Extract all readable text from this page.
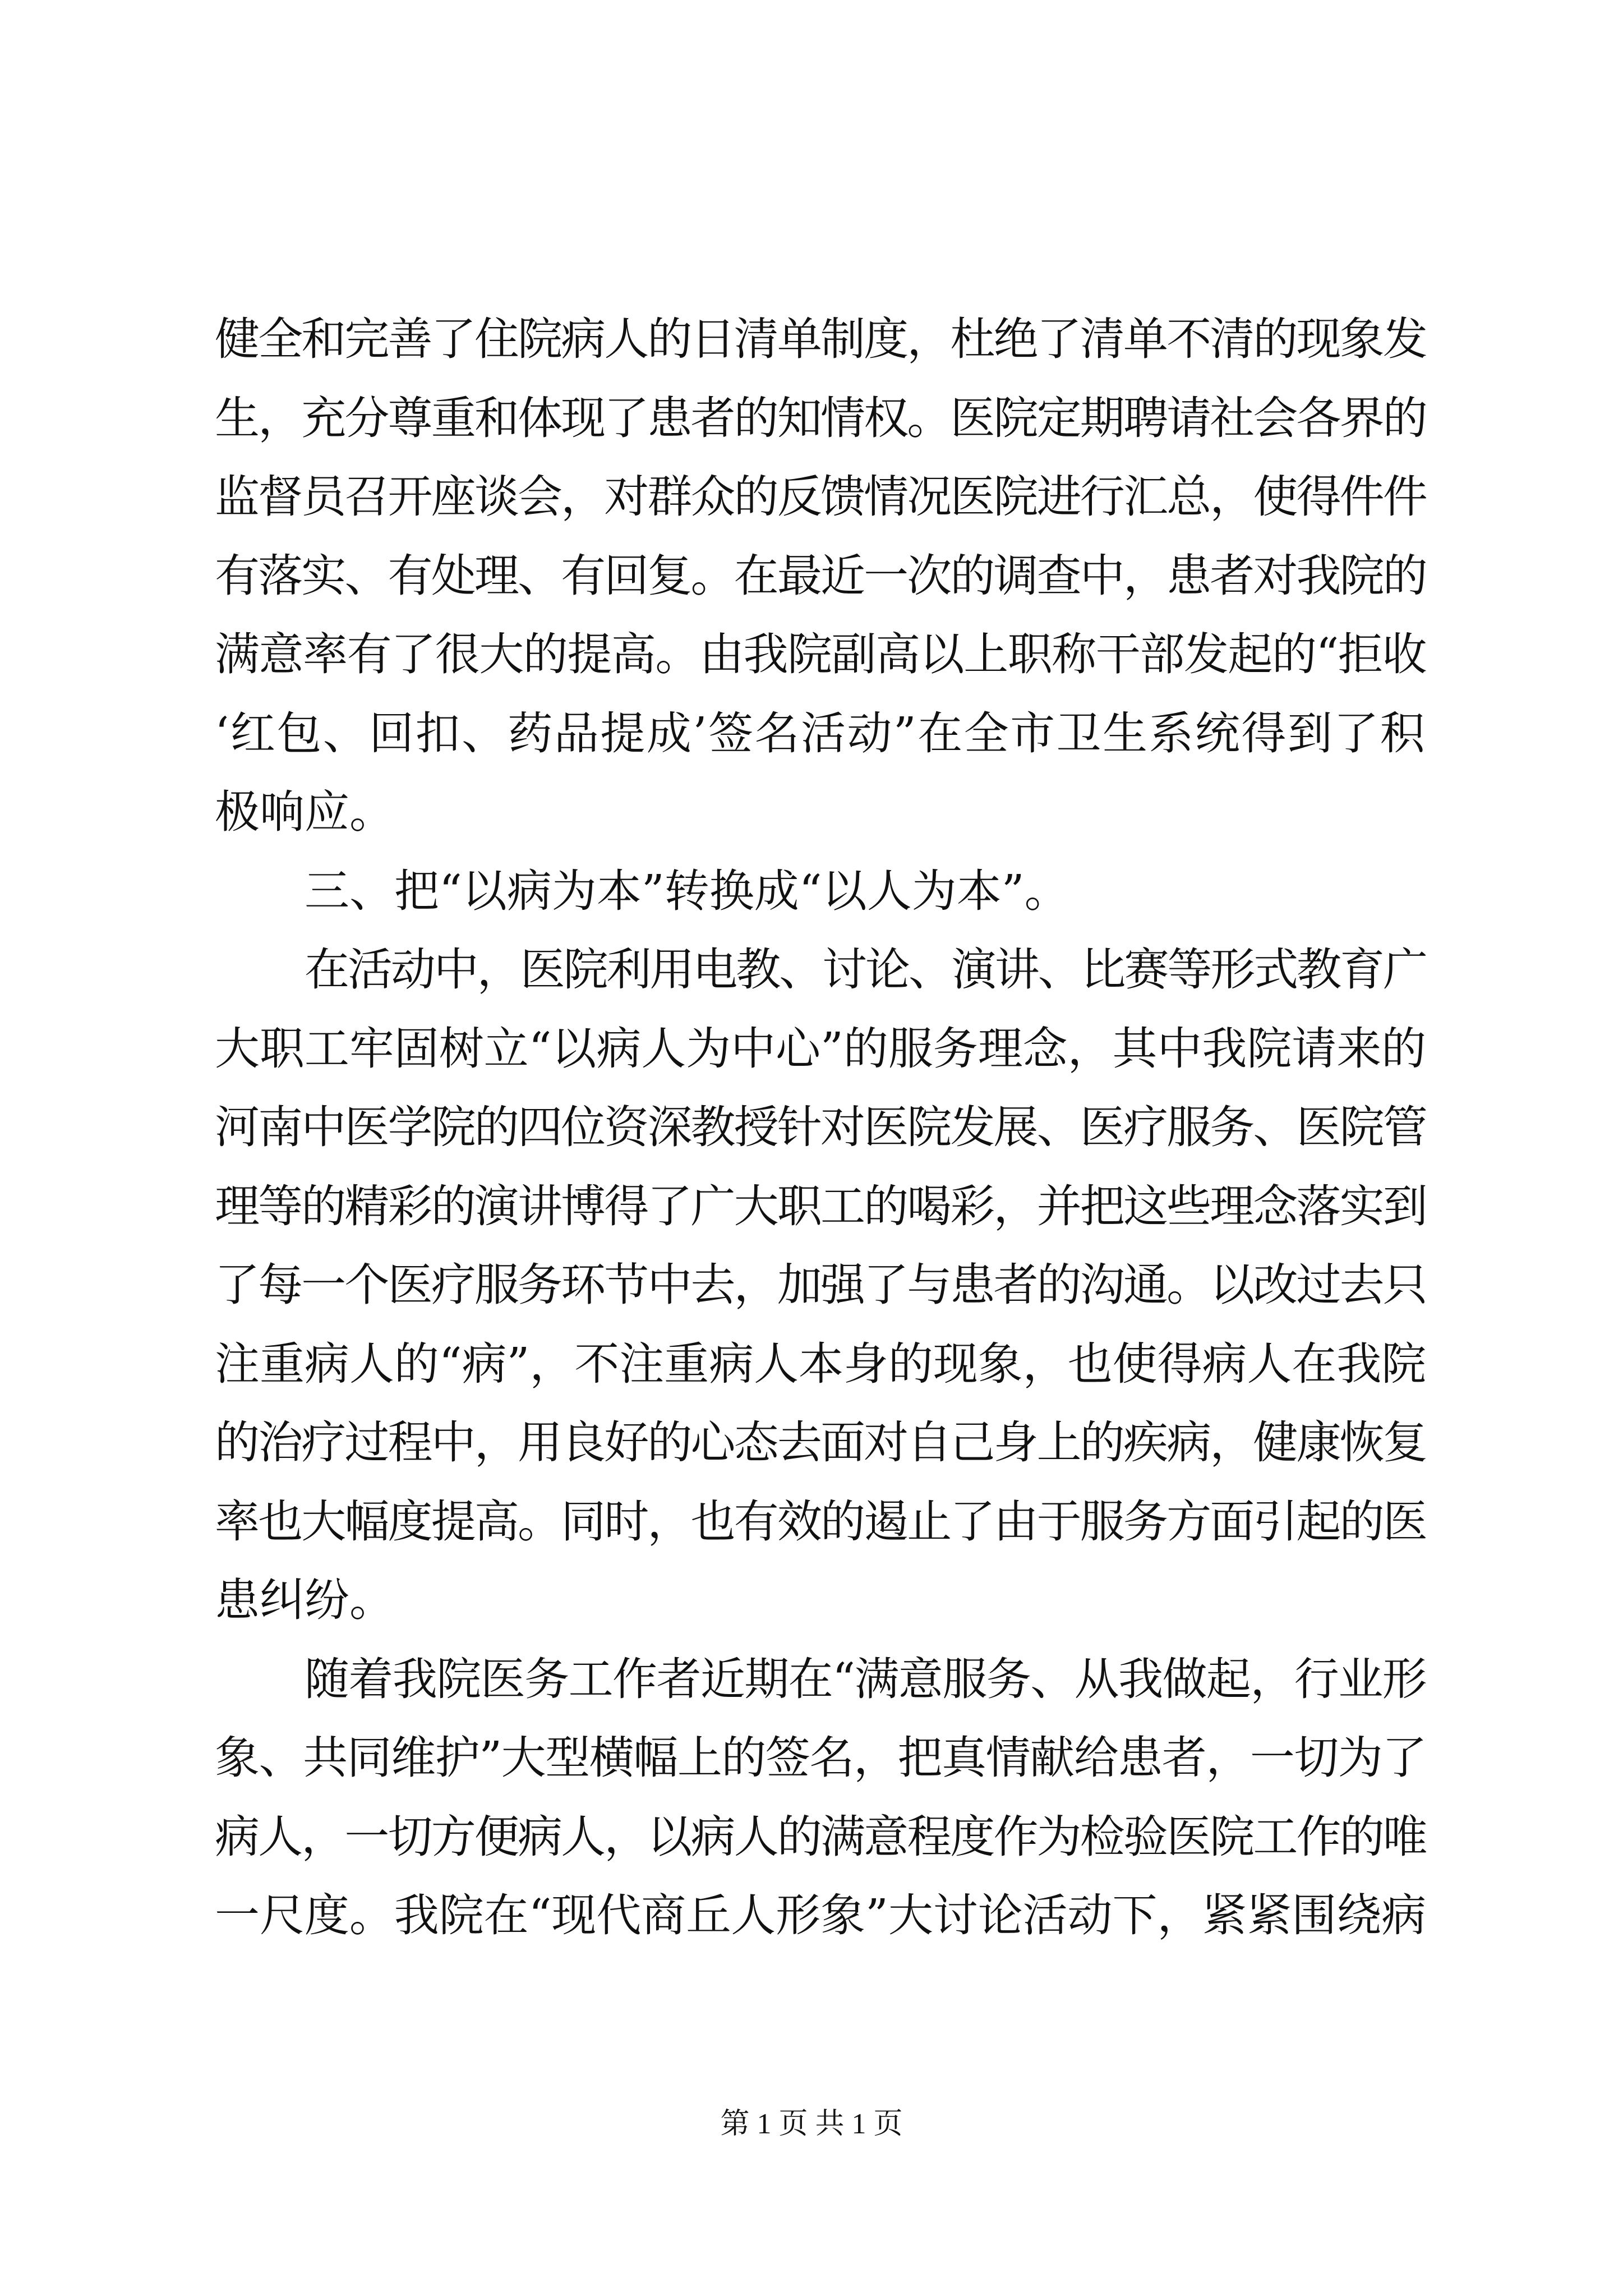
健全和完善了住院病人的日清单制度，杜绝了清单不清的现象发
生，充分尊重和体现了患者的知情权。医院定期聘请社会各界的
监督员召开座谈会，对群众的反馈情况医院进行汇总，使得件件
有落实、有处理、有回复。在最近一次的调查中，患者对我院的
满意率有了很大的提高。由我院副高以上职称干部发起的“拒收
‘红包、回扣、药品提成’签名活动”在全市卫生系统得到了积
极响应。
三、把“以病为本”转换成“以人为本”。
在活动中，医院利用电教、讨论、演讲、比赛等形式教育广
大职工牢固树立“以病人为中心”的服务理念，其中我院请来的
河南中医学院的四位资深教授针对医院发展、医疗服务、医院管
理等的精彩的演讲博得了广大职工的喝彩，并把这些理念落实到
了每一个医疗服务环节中去，加强了与患者的沟通。以改过去只
注重病人的“病”，不注重病人本身的现象，也使得病人在我院
的治疗过程中，用良好的心态去面对自己身上的疾病，健康恢复
率也大幅度提高。同时，也有效的遏止了由于服务方面引起的医
患纠纷。
随着我院医务工作者近期在“满意服务、从我做起，行业形
象、共同维护”大型横幅上的签名，把真情献给患者，一切为了
病人，一切方便病人，以病人的满意程度作为检验医院工作的唯
一尺度。我院在“现代商丘人形象”大讨论活动下，紧紧围绕病
第 1 页 共 1 页
